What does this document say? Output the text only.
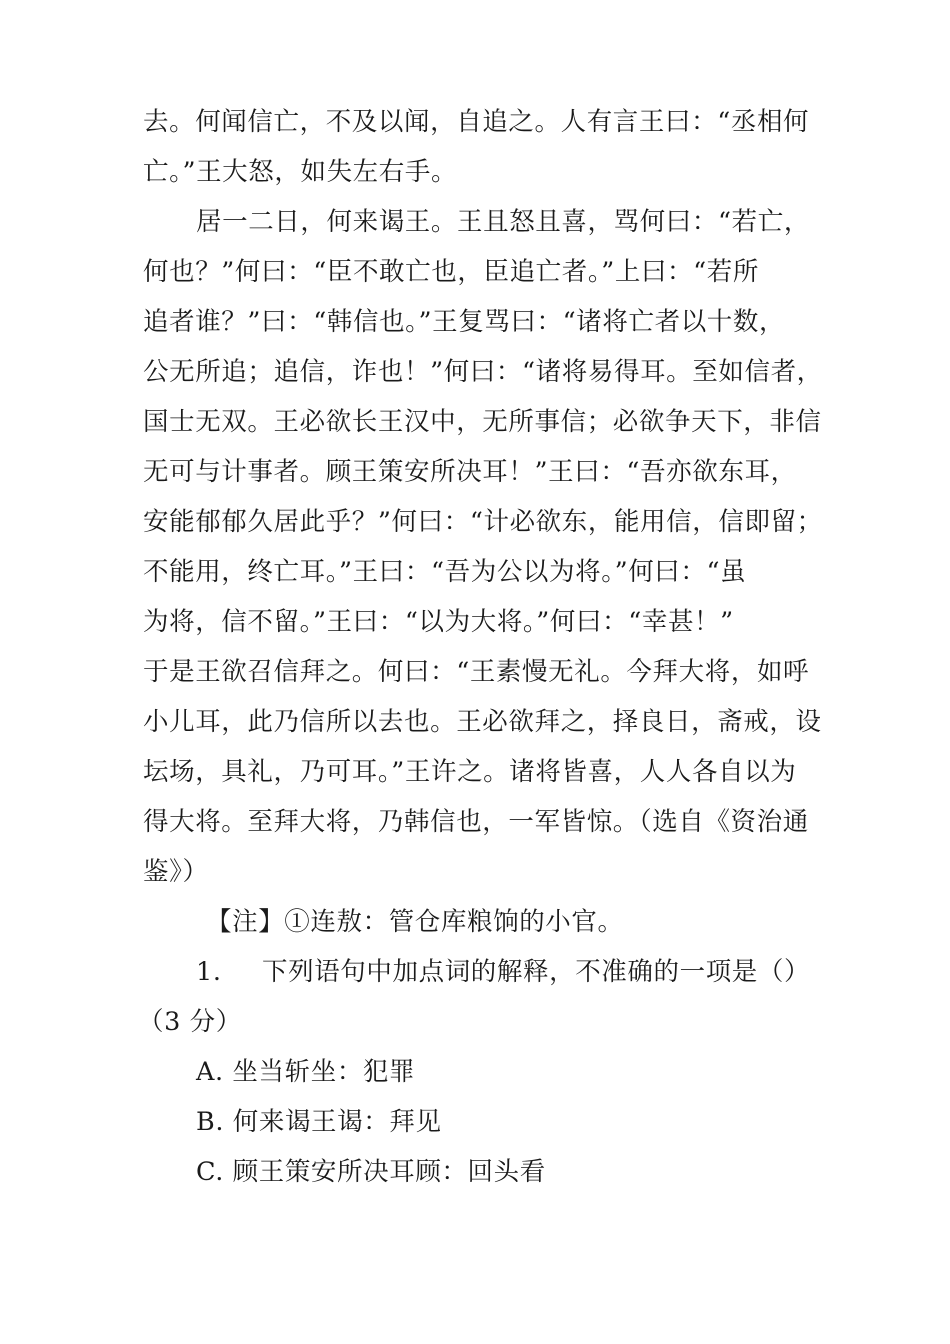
去。何闻信亡，不及以闻，自追之。人有言王曰：“丞相何
亡。”王大怒，如失左右手。
居一二日，何来谒王。王且怒且喜，骂何曰：“若亡，
何也？”何曰：“臣不敢亡也，臣追亡者。”上曰：“若所
追者谁？”曰：“韩信也。”王复骂曰：“诸将亡者以十数，
公无所追；追信，诈也！”何曰：“诸将易得耳。至如信者，
国士无双。王必欲长王汉中，无所事信；必欲争天下，非信
无可与计事者。顾王策安所决耳！”王曰：“吾亦欲东耳，
安能郁郁久居此乎？”何曰：“计必欲东，能用信，信即留；
不能用，终亡耳。”王曰：“吾为公以为将。”何曰：“虽
为将，信不留。”王曰：“以为大将。”何曰：“幸甚！”
于是王欲召信拜之。何曰：“王素慢无礼。今拜大将，如呼
小儿耳，此乃信所以去也。王必欲拜之，择良日，斋戒，设
坛场，具礼，乃可耳。”王许之。诸将皆喜，人人各自以为
得大将。至拜大将，乃韩信也，一军皆惊。（选自《资治通
鉴》）
【注】①连敖：管仓库粮饷的小官。
1. 下列语句中加点词的解释，不准确的一项是（）
（3 分）
A. 坐当斩坐：犯罪
B. 何来谒王谒：拜见
C. 顾王策安所决耳顾：回头看
